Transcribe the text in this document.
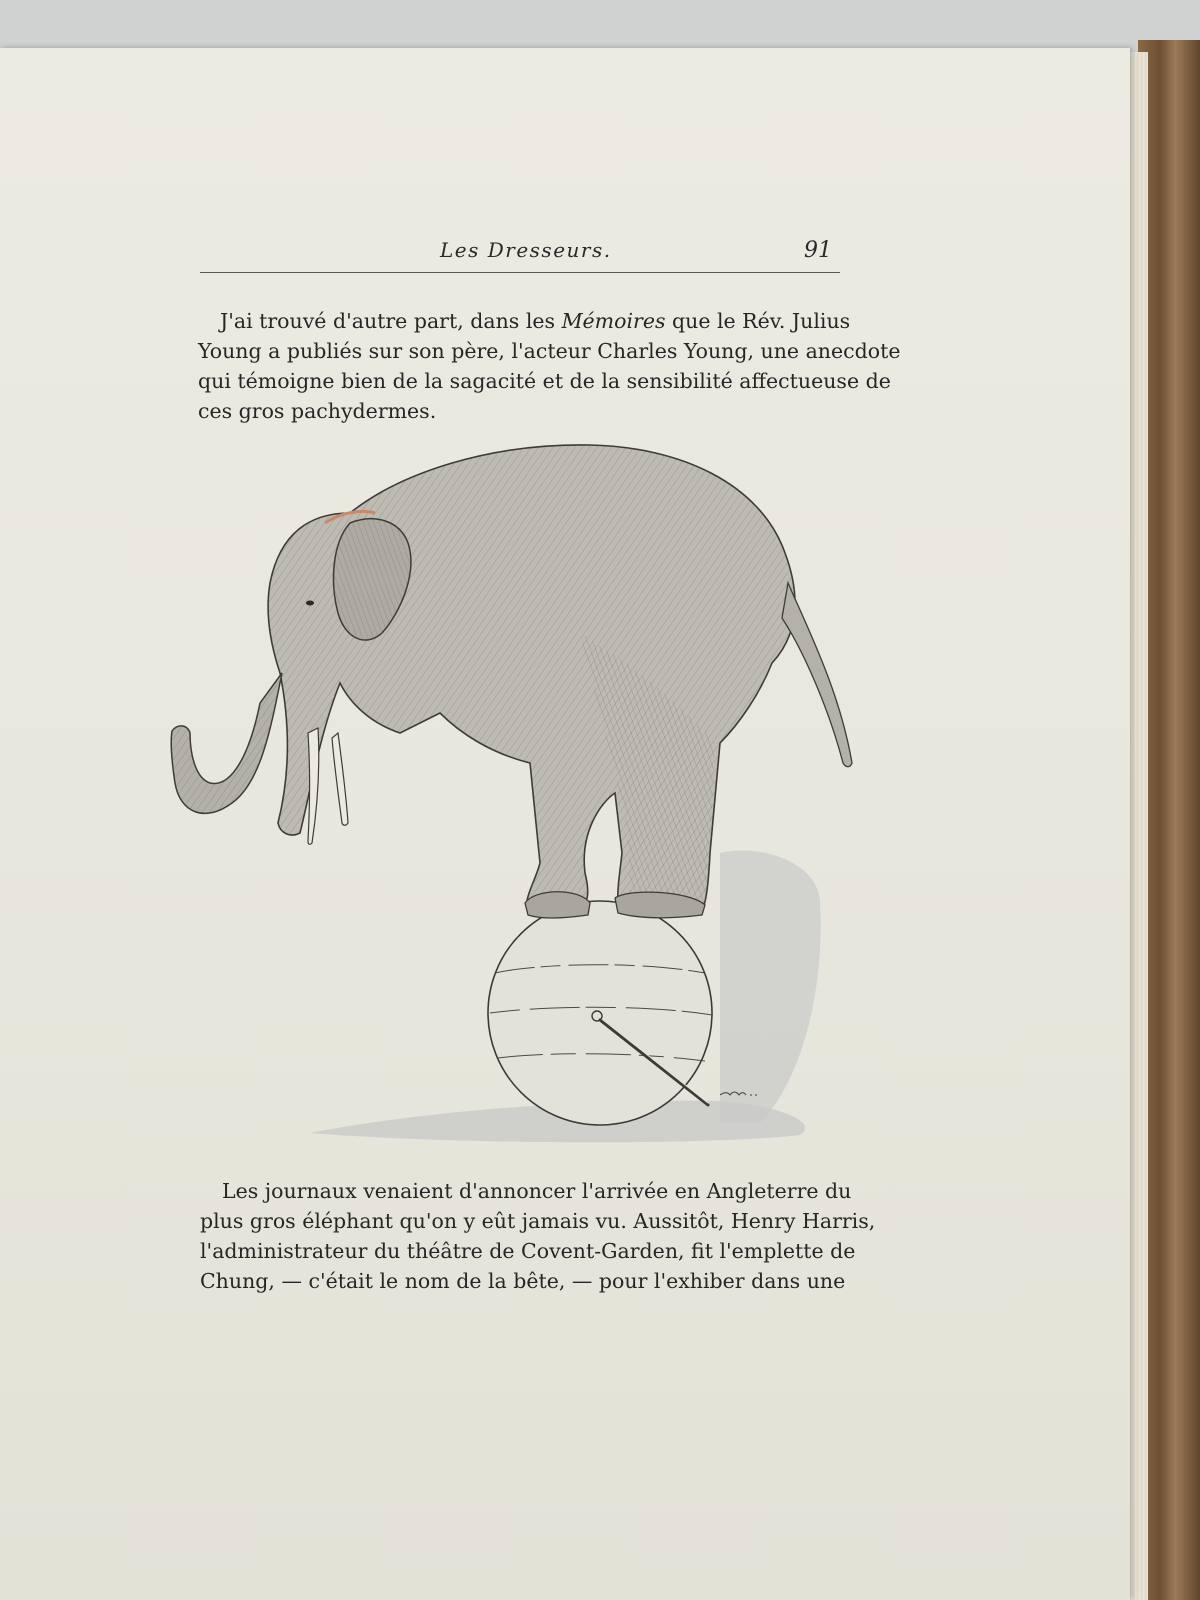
Les Dresseurs.	91

J'ai trouvé d'autre part, dans les Mémoires que le Rév. Julius
Young a publiés sur son père, l'acteur Charles Young, une anecdote
qui témoigne bien de la sagacité et de la sensibilité affectueuse de
ces gros pachydermes.

Les journaux venaient d'annoncer l'arrivée en Angleterre du
plus gros éléphant qu'on y eût jamais vu. Aussitôt, Henry Harris,
l'administrateur du théâtre de Covent-Garden, fit l'emplette de
Chung, — c'était le nom de la bête, — pour l'exhiber dans une
